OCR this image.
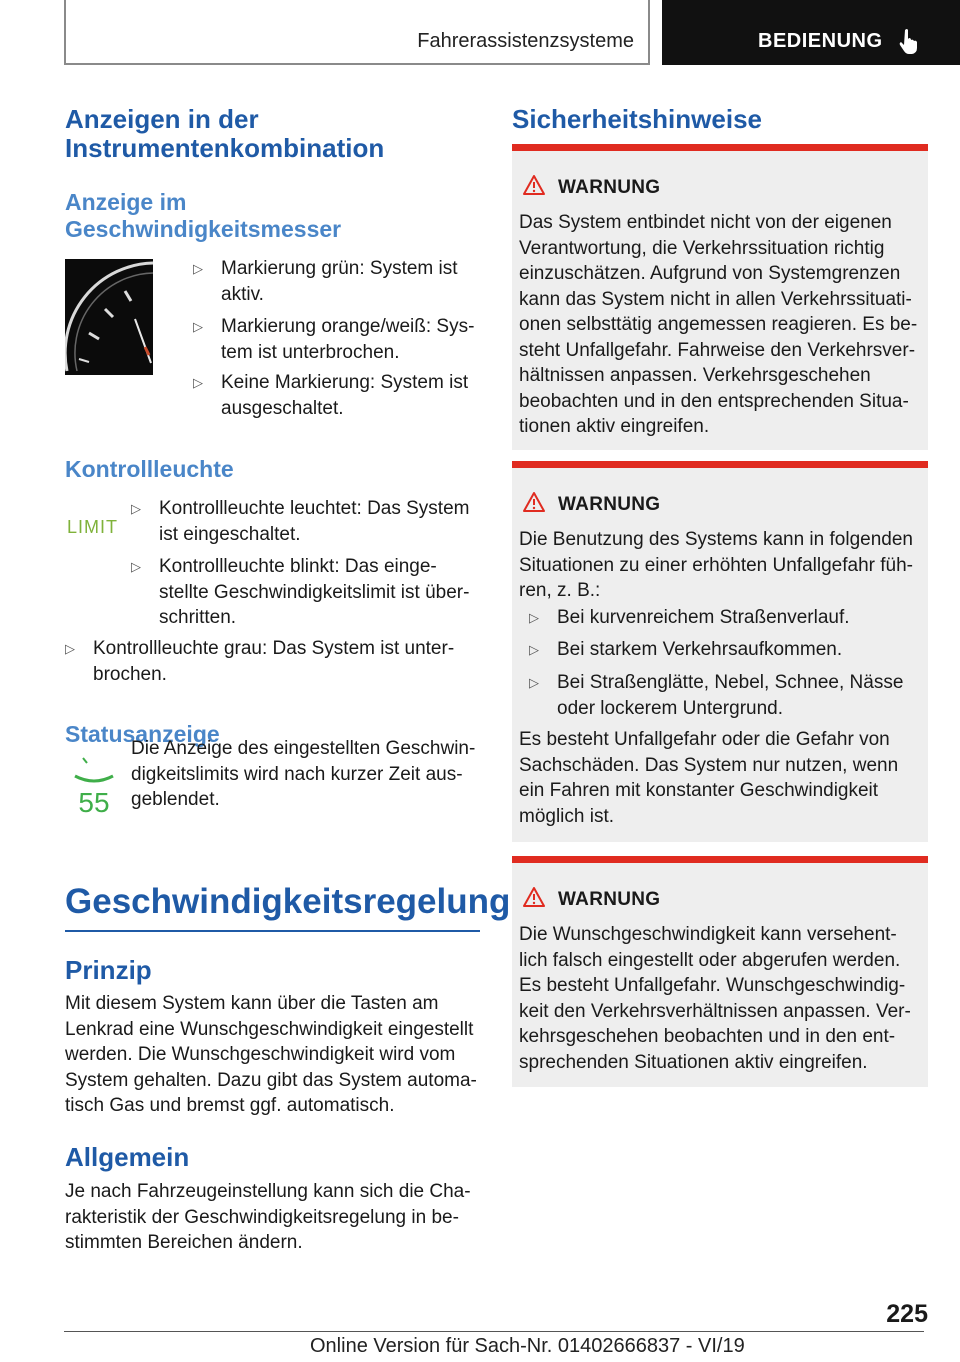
Fahrerassistenzsysteme	BEDIENUNG
Anzeigen in der Instrumentenkombination
Anzeige im Geschwindigkeitsmesser
▷ Markierung grün: System ist aktiv.
▷ Markierung orange/weiß: Sys‐tem ist unterbrochen.
▷ Keine Markierung: System ist ausgeschaltet.
Kontrollleuchte
LIMIT
▷ Kontrollleuchte leuchtet: Das System ist eingeschaltet.
▷ Kontrollleuchte blinkt: Das einge‐stellte Geschwindigkeitslimit ist über‐schritten.
▷ Kontrollleuchte grau: Das System ist unter‐brochen.
Statusanzeige
55
Die Anzeige des eingestellten Geschwin‐digkeitslimits wird nach kurzer Zeit aus‐geblendet.
Geschwindigkeitsregelung
Prinzip
Mit diesem System kann über die Tasten am Lenkrad eine Wunschgeschwindigkeit eingestellt werden. Die Wunschgeschwindigkeit wird vom System gehalten. Dazu gibt das System automa‐tisch Gas und bremst ggf. automatisch.
Allgemein
Je nach Fahrzeugeinstellung kann sich die Cha‐rakteristik der Geschwindigkeitsregelung in be‐stimmten Bereichen ändern.
Sicherheitshinweise
WARNUNG
Das System entbindet nicht von der eigenen Verantwortung, die Verkehrssituation richtig einzuschätzen. Aufgrund von Systemgrenzen kann das System nicht in allen Verkehrssituati‐onen selbsttätig angemessen reagieren. Es be‐steht Unfallgefahr. Fahrweise den Verkehrsver‐hältnissen anpassen. Verkehrsgeschehen beobachten und in den entsprechenden Situa‐tionen aktiv eingreifen.
WARNUNG
Die Benutzung des Systems kann in folgenden Situationen zu einer erhöhten Unfallgefahr füh‐ren, z. B.:
▷ Bei kurvenreichem Straßenverlauf.
▷ Bei starkem Verkehrsaufkommen.
▷ Bei Straßenglätte, Nebel, Schnee, Nässe oder lockerem Untergrund.
Es besteht Unfallgefahr oder die Gefahr von Sachschäden. Das System nur nutzen, wenn ein Fahren mit konstanter Geschwindigkeit möglich ist.
WARNUNG
Die Wunschgeschwindigkeit kann versehent‐lich falsch eingestellt oder abgerufen werden. Es besteht Unfallgefahr. Wunschgeschwindig‐keit den Verkehrsverhältnissen anpassen. Ver‐kehrsgeschehen beobachten und in den ent‐sprechenden Situationen aktiv eingreifen.
225
Online Version für Sach-Nr. 01402666837 - VI/19
